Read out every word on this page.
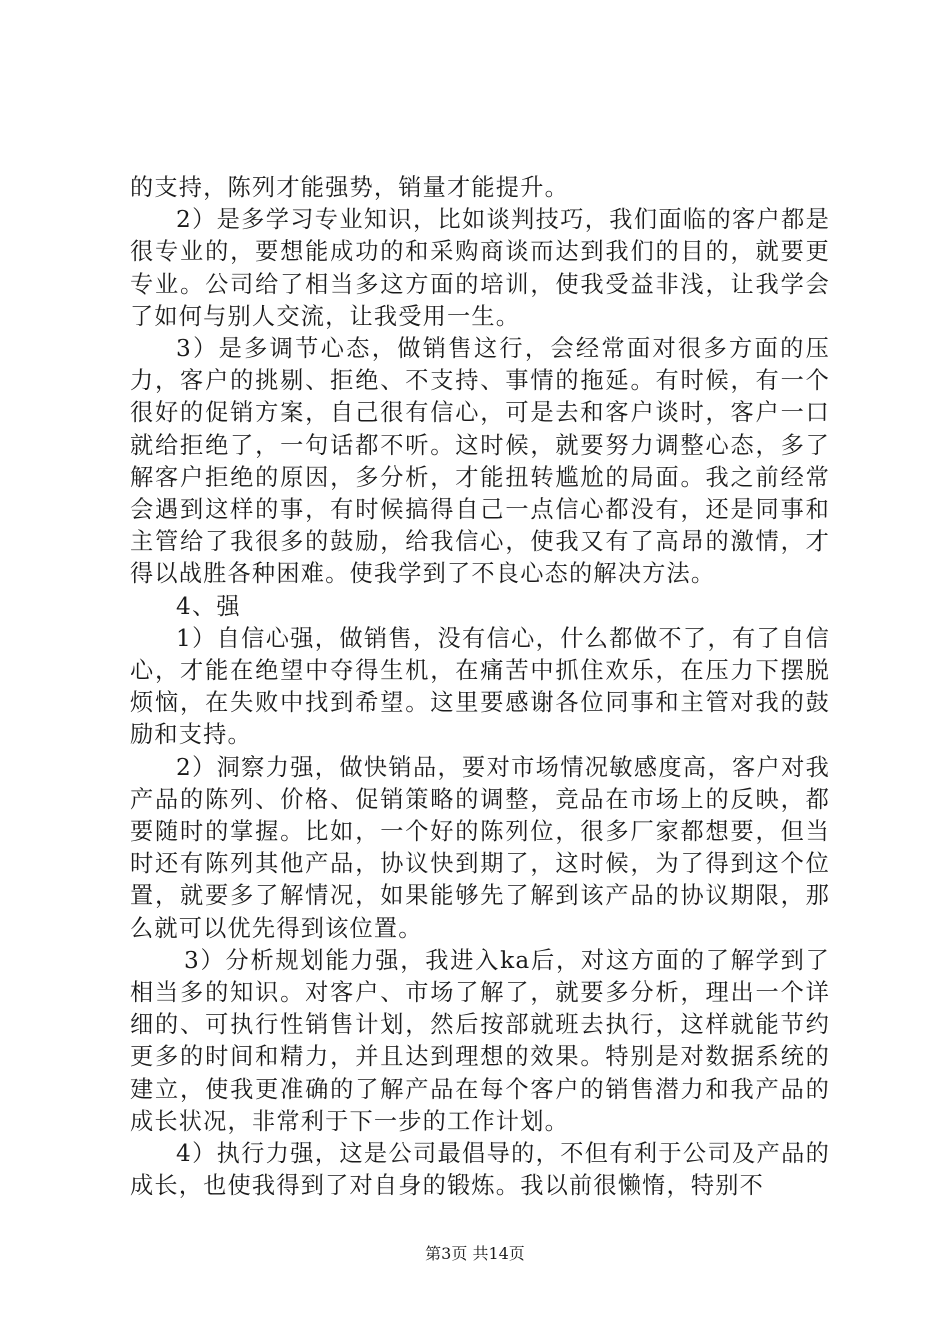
的支持，陈列才能强势，销量才能提升。

2）是多学习专业知识，比如谈判技巧，我们面临的客户都是很专业的，要想能成功的和采购商谈而达到我们的目的，就要更专业。公司给了相当多这方面的培训，使我受益非浅，让我学会了如何与别人交流，让我受用一生。

3）是多调节心态，做销售这行，会经常面对很多方面的压力，客户的挑剔、拒绝、不支持、事情的拖延。有时候，有一个很好的促销方案，自己很有信心，可是去和客户谈时，客户一口就给拒绝了，一句话都不听。这时候，就要努力调整心态，多了解客户拒绝的原因，多分析，才能扭转尴尬的局面。我之前经常会遇到这样的事，有时候搞得自己一点信心都没有，还是同事和主管给了我很多的鼓励，给我信心，使我又有了高昂的激情，才得以战胜各种困难。使我学到了不良心态的解决方法。

4、强

1）自信心强，做销售，没有信心，什么都做不了，有了自信心，才能在绝望中夺得生机，在痛苦中抓住欢乐，在压力下摆脱烦恼，在失败中找到希望。这里要感谢各位同事和主管对我的鼓励和支持。

2）洞察力强，做快销品，要对市场情况敏感度高，客户对我产品的陈列、价格、促销策略的调整，竞品在市场上的反映，都要随时的掌握。比如，一个好的陈列位，很多厂家都想要，但当时还有陈列其他产品，协议快到期了，这时候，为了得到这个位置，就要多了解情况，如果能够先了解到该产品的协议期限，那么就可以优先得到该位置。

3）分析规划能力强，我进入ka后，对这方面的了解学到了相当多的知识。对客户、市场了解了，就要多分析，理出一个详细的、可执行性销售计划，然后按部就班去执行，这样就能节约更多的时间和精力，并且达到理想的效果。特别是对数据系统的建立，使我更准确的了解产品在每个客户的销售潜力和我产品的成长状况，非常利于下一步的工作计划。

4）执行力强，这是公司最倡导的，不但有利于公司及产品的成长，也使我得到了对自身的锻炼。我以前很懒惰，特别不

第3页 共14页
